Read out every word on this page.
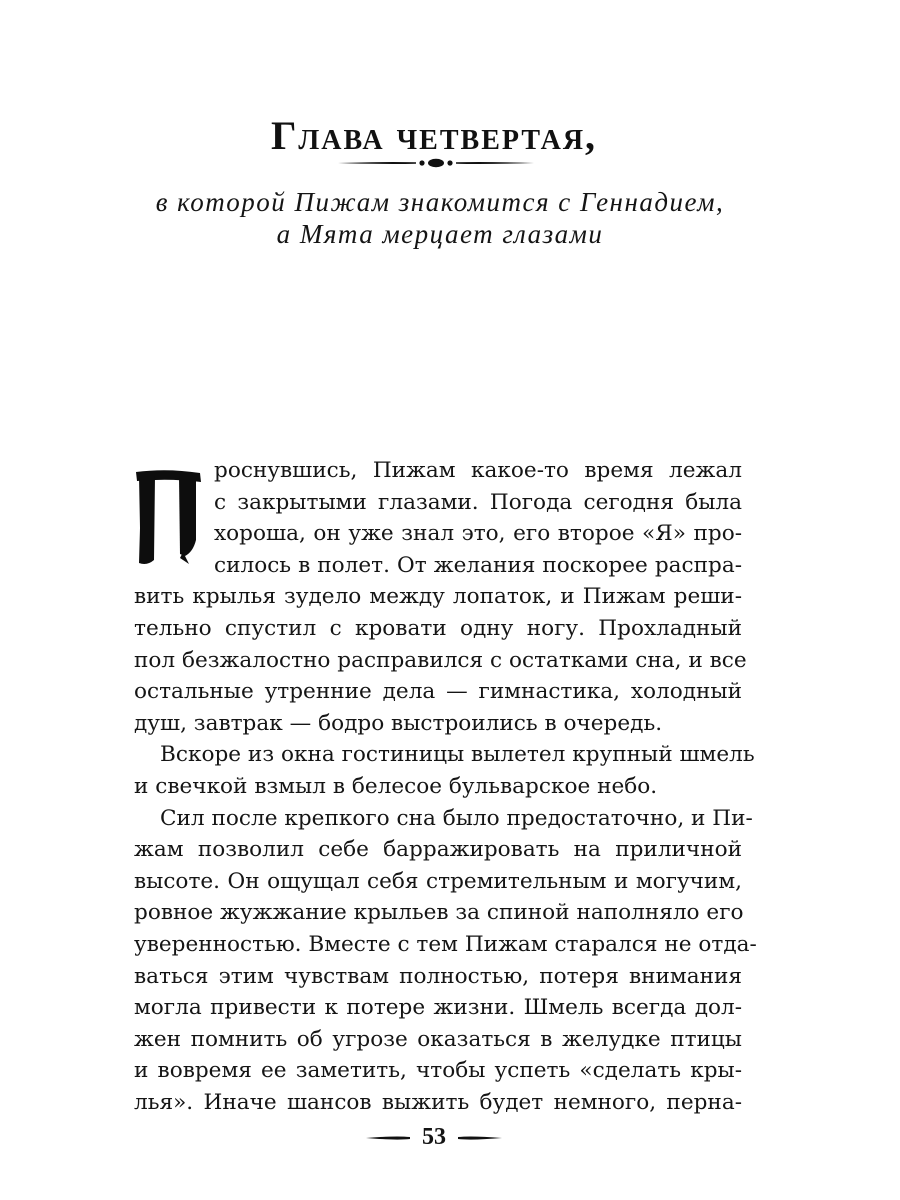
Глава четвертая,
в которой Пижам знакомится с Геннадием,
а Мята мерцает глазами
роснувшись, Пижам какое-то время лежал
с закрытыми глазами. Погода сегодня была
хороша, он уже знал это, его второе «Я» про-
силось в полет. От желания поскорее распра-
вить крылья зудело между лопаток, и Пижам реши-
тельно спустил с кровати одну ногу. Прохладный
пол безжалостно расправился с остатками сна, и все
остальные утренние дела — гимнастика, холодный
душ, завтрак — бодро выстроились в очередь.
Вскоре из окна гостиницы вылетел крупный шмель
и свечкой взмыл в белесое бульварское небо.
Сил после крепкого сна было предостаточно, и Пи-
жам позволил себе барражировать на приличной
высоте. Он ощущал себя стремительным и могучим,
ровное жужжание крыльев за спиной наполняло его
уверенностью. Вместе с тем Пижам старался не отда-
ваться этим чувствам полностью, потеря внимания
могла привести к потере жизни. Шмель всегда дол-
жен помнить об угрозе оказаться в желудке птицы
и вовремя ее заметить, чтобы успеть «сделать кры-
лья». Иначе шансов выжить будет немного, перна-
53
